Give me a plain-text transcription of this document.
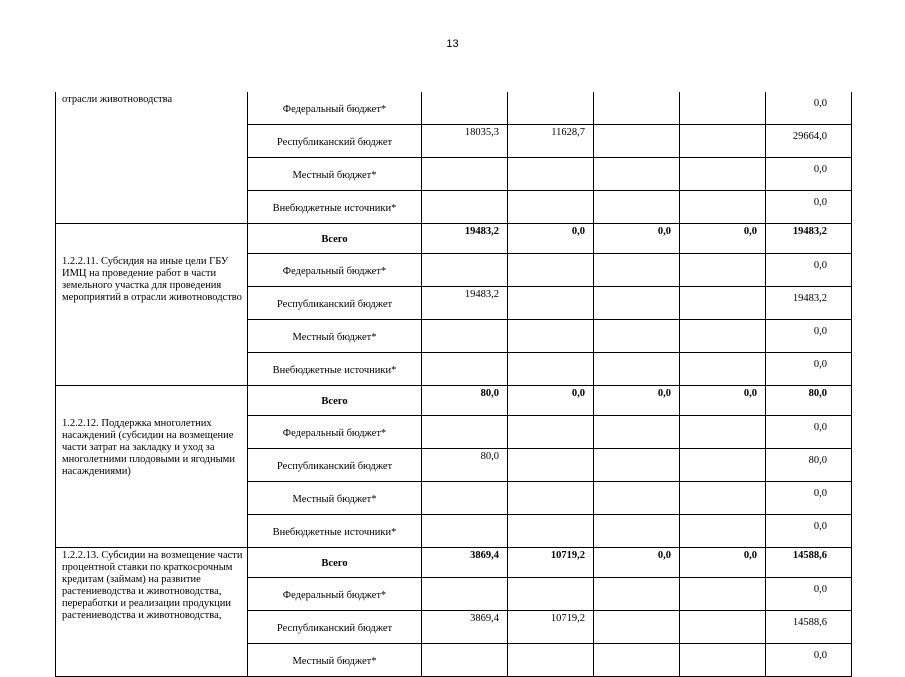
13
отрасли животноводства	Федеральный бюджет*					0,0
	Республиканский бюджет	18035,3	11628,7			29664,0
	Местный бюджет*					0,0
	Внебюджетные источники*					0,0
1.2.2.11. Субсидия на иные цели ГБУ ИМЦ на проведение работ в части земельного участка для проведения мероприятий в отрасли животноводство	Всего	19483,2	0,0	0,0	0,0	19483,2
	Федеральный бюджет*					0,0
	Республиканский бюджет	19483,2				19483,2
	Местный бюджет*					0,0
	Внебюджетные источники*					0,0
1.2.2.12. Поддержка многолетних насаждений (субсидии на возмещение части затрат на закладку и уход за многолетними плодовыми и ягодными насаждениями)	Всего	80,0	0,0	0,0	0,0	80,0
	Федеральный бюджет*					0,0
	Республиканский бюджет	80,0				80,0
	Местный бюджет*					0,0
	Внебюджетные источники*					0,0
1.2.2.13. Субсидии на возмещение части процентной ставки по краткосрочным кредитам (займам) на развитие растениеводства и животноводства, переработки и реализации продукции растениеводства и животноводства,	Всего	3869,4	10719,2	0,0	0,0	14588,6
	Федеральный бюджет*					0,0
	Республиканский бюджет	3869,4	10719,2			14588,6
	Местный бюджет*					0,0
